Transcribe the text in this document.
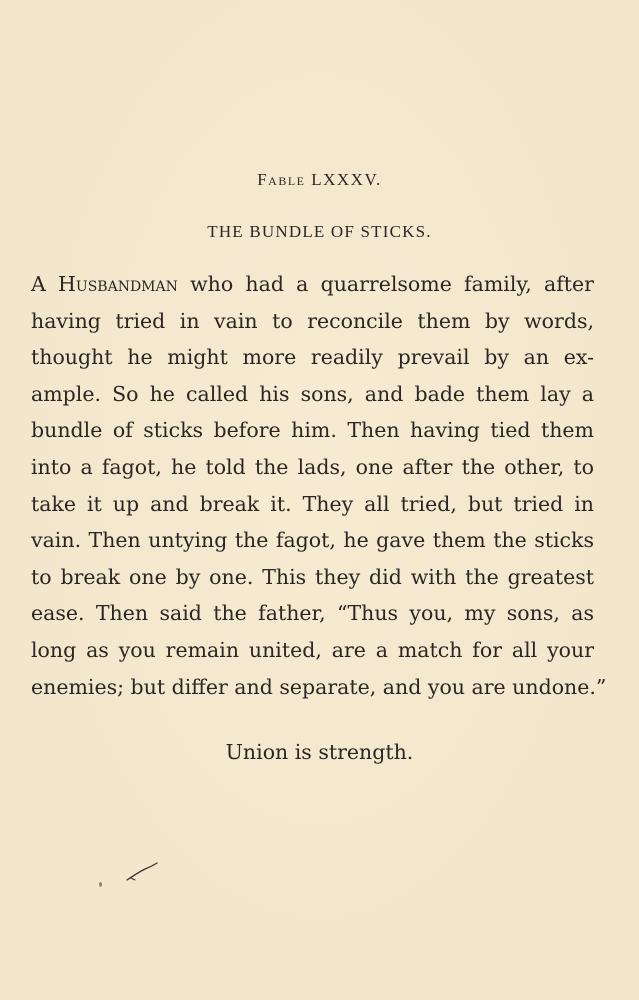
Fable LXXXV.
THE BUNDLE OF STICKS.
A Husbandman who had a quarrelsome family, after
having tried in vain to reconcile them by words,
thought he might more readily prevail by an ex-
ample. So he called his sons, and bade them lay a
bundle of sticks before him. Then having tied them
into a fagot, he told the lads, one after the other, to
take it up and break it. They all tried, but tried in
vain. Then untying the fagot, he gave them the sticks
to break one by one. This they did with the greatest
ease. Then said the father, “Thus you, my sons, as
long as you remain united, are a match for all your
enemies; but differ and separate, and you are undone.”
Union is strength.
